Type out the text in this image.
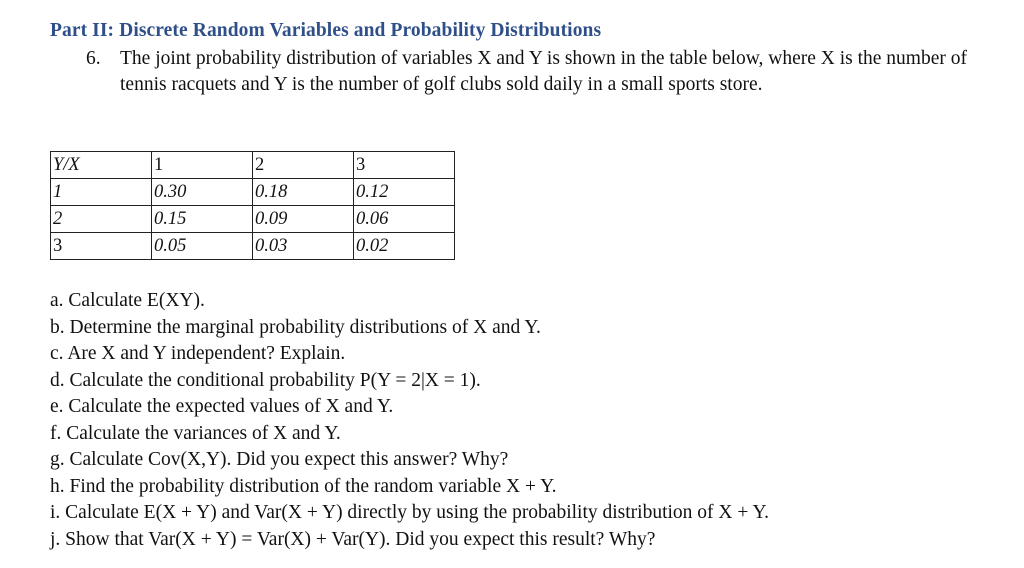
Part II: Discrete Random Variables and Probability Distributions
6. The joint probability distribution of variables X and Y is shown in the table below, where X is the number of tennis racquets and Y is the number of golf clubs sold daily in a small sports store.
Y/X	1	2	3
1	0.30	0.18	0.12
2	0.15	0.09	0.06
3	0.05	0.03	0.02
a. Calculate E(XY).
b. Determine the marginal probability distributions of X and Y.
c. Are X and Y independent? Explain.
d. Calculate the conditional probability P(Y = 2|X = 1).
e. Calculate the expected values of X and Y.
f. Calculate the variances of X and Y.
g. Calculate Cov(X,Y). Did you expect this answer? Why?
h. Find the probability distribution of the random variable X + Y.
i. Calculate E(X + Y) and Var(X + Y) directly by using the probability distribution of X + Y.
j. Show that Var(X + Y) = Var(X) + Var(Y). Did you expect this result? Why?
